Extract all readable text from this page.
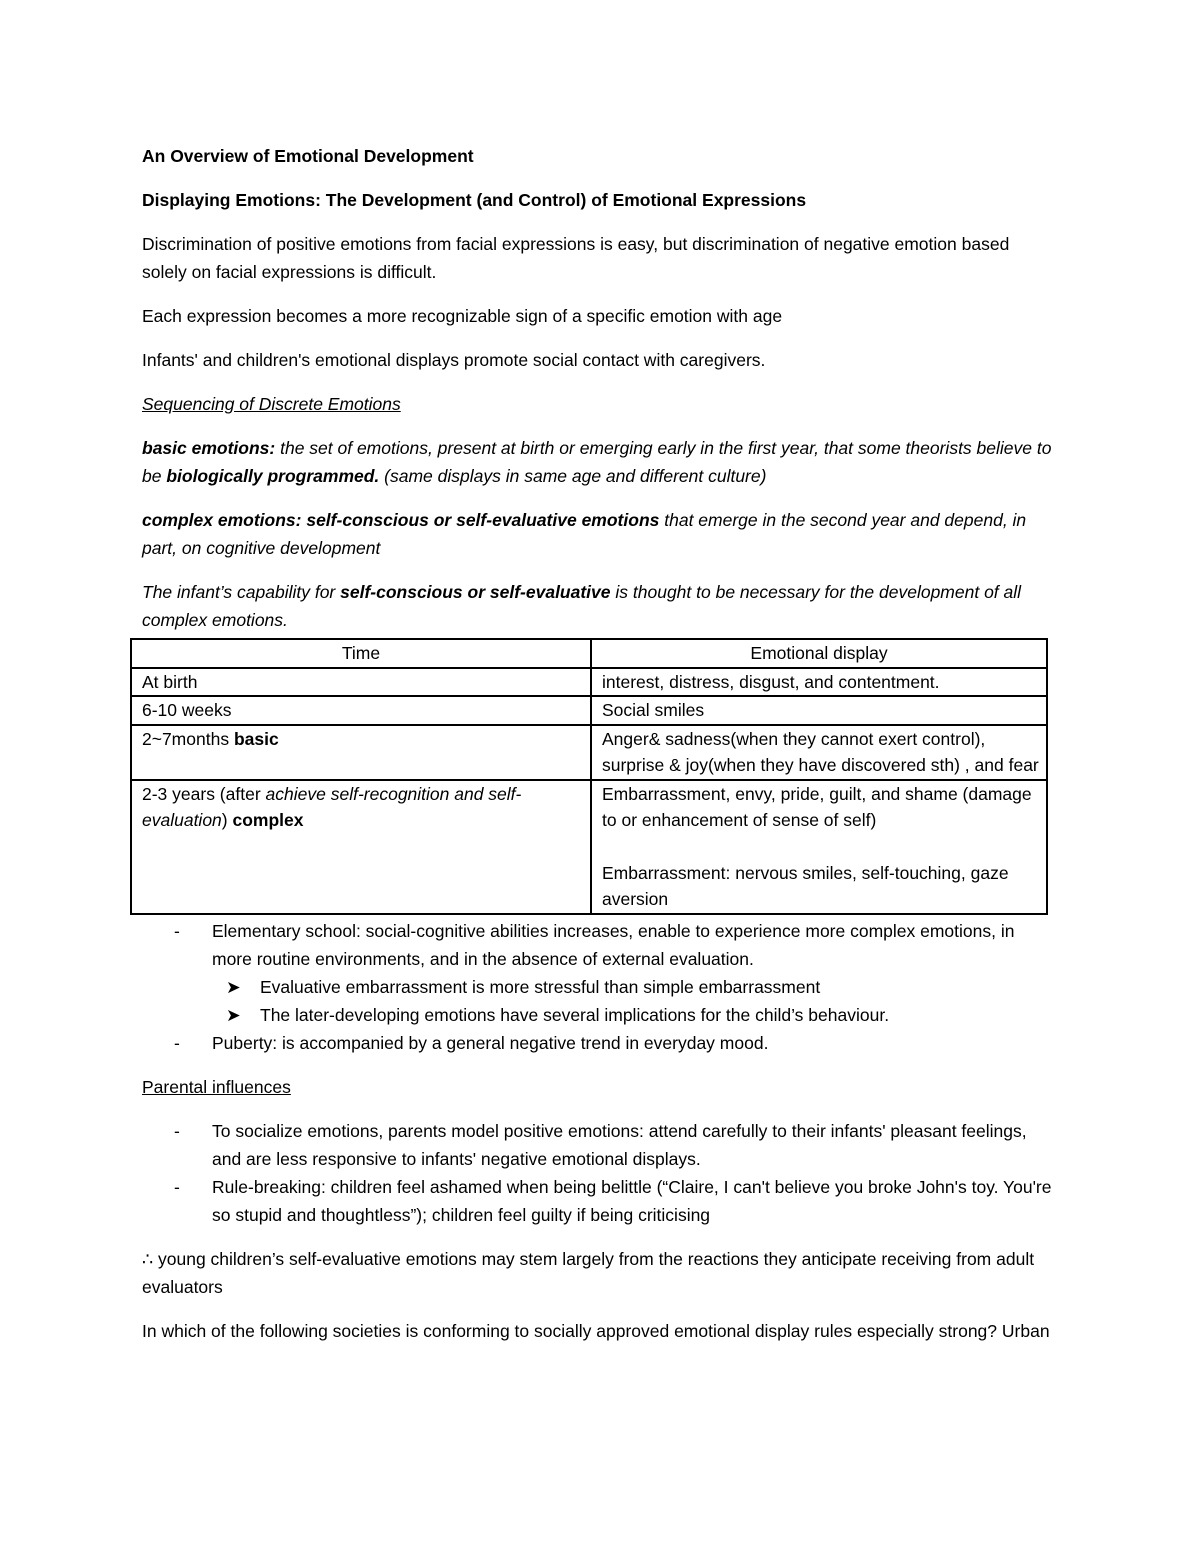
An Overview of Emotional Development

Displaying Emotions: The Development (and Control) of Emotional Expressions

Discrimination of positive emotions from facial expressions is easy, but discrimination of negative emotion based solely on facial expressions is difficult.

Each expression becomes a more recognizable sign of a specific emotion with age

Infants' and children's emotional displays promote social contact with caregivers.

Sequencing of Discrete Emotions

basic emotions: the set of emotions, present at birth or emerging early in the first year, that some theorists believe to be biologically programmed. (same displays in same age and different culture)

complex emotions: self-conscious or self-evaluative emotions that emerge in the second year and depend, in part, on cognitive development

The infant’s capability for self-conscious or self-evaluative is thought to be necessary for the development of all complex emotions.

Time	Emotional display
At birth	interest, distress, disgust, and contentment.
6-10 weeks	Social smiles
2~7months basic	Anger& sadness(when they cannot exert control), surprise & joy(when they have discovered sth) , and fear
2-3 years (after achieve self-recognition and self-evaluation) complex	Embarrassment, envy, pride, guilt, and shame (damage to or enhancement of sense of self)
Embarrassment: nervous smiles, self-touching, gaze aversion
- Elementary school: social-cognitive abilities increases, enable to experience more complex emotions, in more routine environments, and in the absence of external evaluation.
➤ Evaluative embarrassment is more stressful than simple embarrassment
➤ The later-developing emotions have several implications for the child’s behaviour.
- Puberty: is accompanied by a general negative trend in everyday mood.

Parental influences

- To socialize emotions, parents model positive emotions: attend carefully to their infants' pleasant feelings, and are less responsive to infants' negative emotional displays.
- Rule-breaking: children feel ashamed when being belittle (“Claire, I can't believe you broke John's toy. You're so stupid and thoughtless”); children feel guilty if being criticising

∴ young children’s self-evaluative emotions may stem largely from the reactions they anticipate receiving from adult evaluators

In which of the following societies is conforming to socially approved emotional display rules especially strong? Urban
